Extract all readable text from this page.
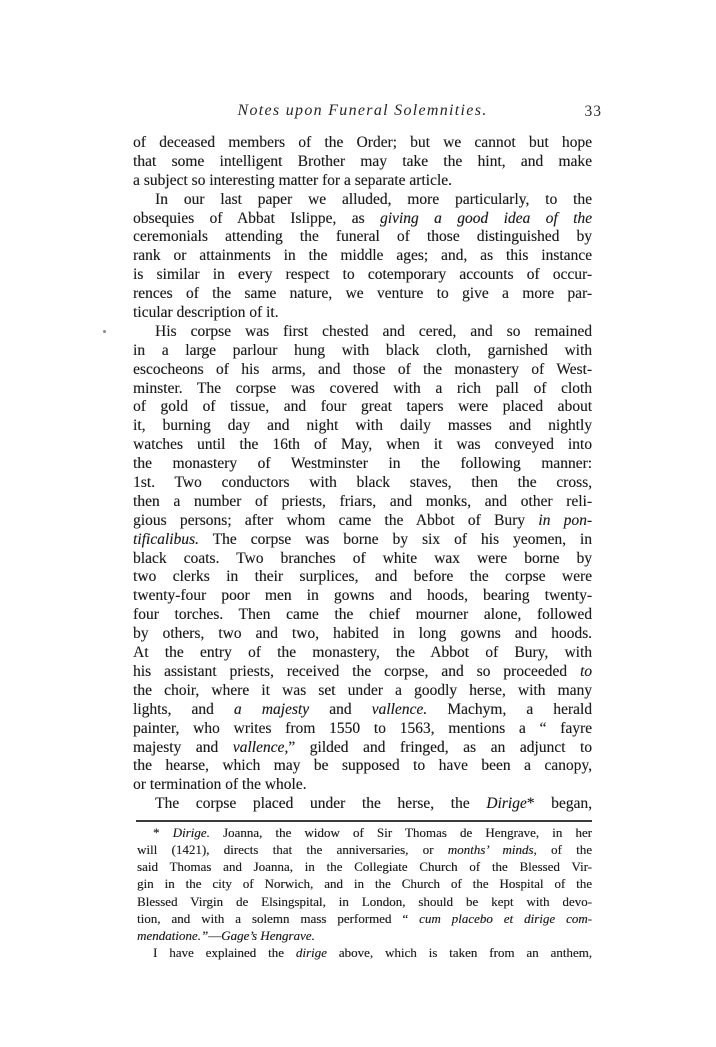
Notes upon Funeral Solemnities.	33
of deceased members of the Order; but we cannot but hope
that some intelligent Brother may take the hint, and make
a subject so interesting matter for a separate article.
In our last paper we alluded, more particularly, to the
obsequies of Abbat Islippe, as giving a good idea of the
ceremonials attending the funeral of those distinguished by
rank or attainments in the middle ages; and, as this instance
is similar in every respect to cotemporary accounts of occur-
rences of the same nature, we venture to give a more par-
ticular description of it.
His corpse was first chested and cered, and so remained
in a large parlour hung with black cloth, garnished with
escocheons of his arms, and those of the monastery of West-
minster. The corpse was covered with a rich pall of cloth
of gold of tissue, and four great tapers were placed about
it, burning day and night with daily masses and nightly
watches until the 16th of May, when it was conveyed into
the monastery of Westminster in the following manner:
1st. Two conductors with black staves, then the cross,
then a number of priests, friars, and monks, and other reli-
gious persons; after whom came the Abbot of Bury in pon-
tificalibus. The corpse was borne by six of his yeomen, in
black coats. Two branches of white wax were borne by
two clerks in their surplices, and before the corpse were
twenty-four poor men in gowns and hoods, bearing twenty-
four torches. Then came the chief mourner alone, followed
by others, two and two, habited in long gowns and hoods.
At the entry of the monastery, the Abbot of Bury, with
his assistant priests, received the corpse, and so proceeded to
the choir, where it was set under a goodly herse, with many
lights, and a majesty and vallence. Machym, a herald
painter, who writes from 1550 to 1563, mentions a “ fayre
majesty and vallence,” gilded and fringed, as an adjunct to
the hearse, which may be supposed to have been a canopy,
or termination of the whole.
The corpse placed under the herse, the Dirige* began,
* Dirige. Joanna, the widow of Sir Thomas de Hengrave, in her
will (1421), directs that the anniversaries, or months’ minds, of the
said Thomas and Joanna, in the Collegiate Church of the Blessed Vir-
gin in the city of Norwich, and in the Church of the Hospital of the
Blessed Virgin de Elsingspital, in London, should be kept with devo-
tion, and with a solemn mass performed “ cum placebo et dirige com-
mendatione.”—Gage’s Hengrave.
I have explained the dirige above, which is taken from an anthem,
